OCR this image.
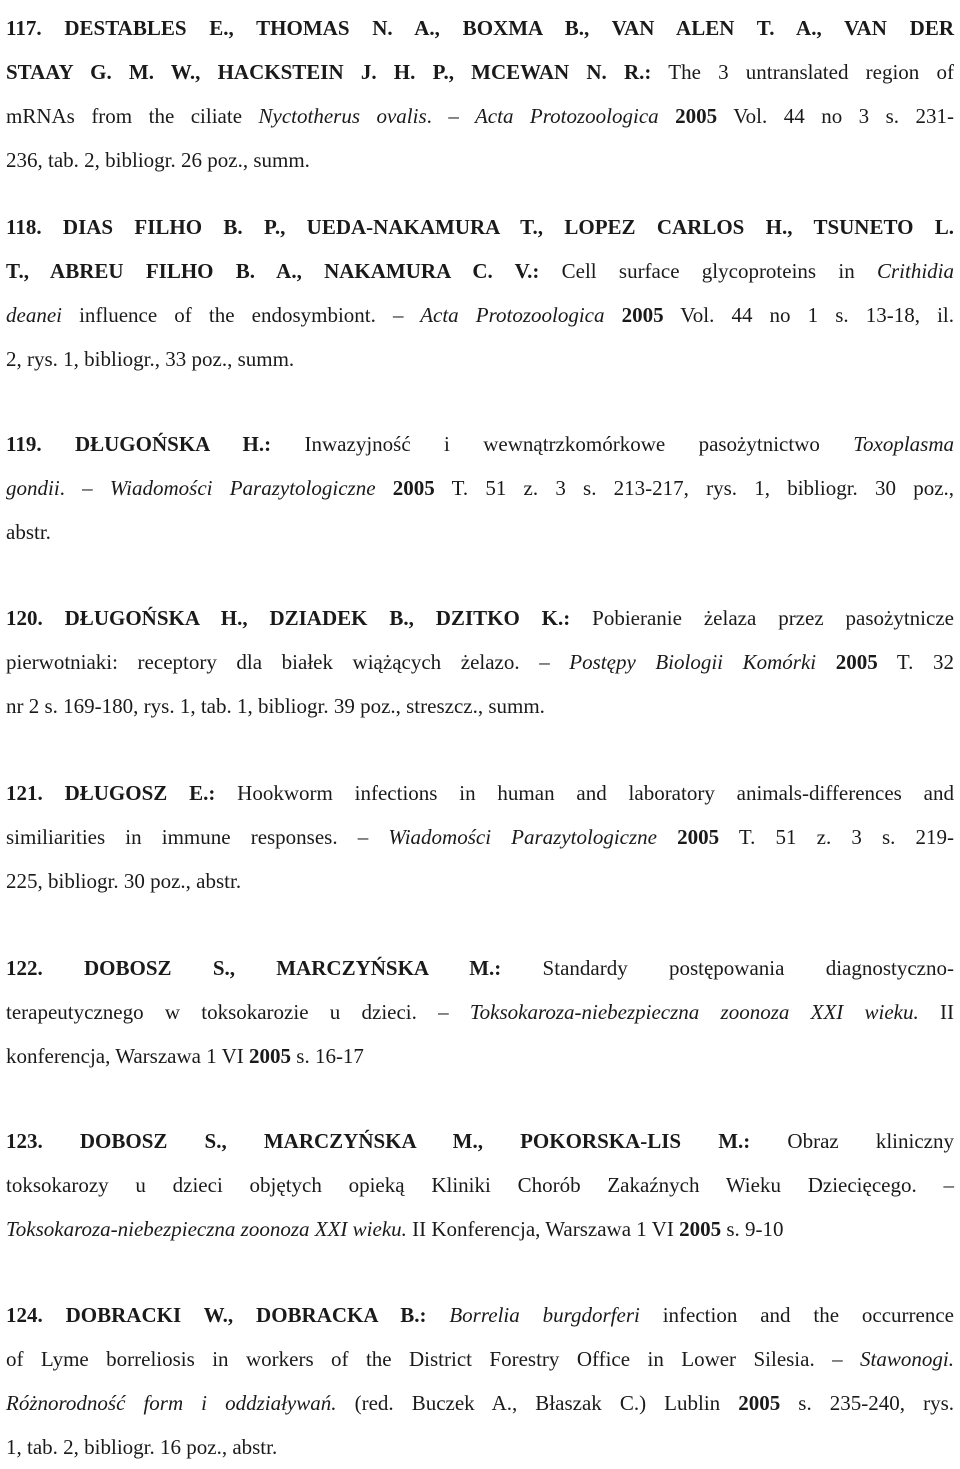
117. DESTABLES E., THOMAS N. A., BOXMA B., VAN ALEN T. A., VAN DER
STAAY G. M. W., HACKSTEIN J. H. P., MCEWAN N. R.: The 3 untranslated region of
mRNAs from the ciliate Nyctotherus ovalis. – Acta Protozoologica 2005 Vol. 44 no 3 s. 231-
236, tab. 2, bibliogr. 26 poz., summ.
118. DIAS FILHO B. P., UEDA-NAKAMURA T., LOPEZ CARLOS H., TSUNETO L.
T., ABREU FILHO B. A., NAKAMURA C. V.: Cell surface glycoproteins in Crithidia
deanei influence of the endosymbiont. – Acta Protozoologica 2005 Vol. 44 no 1 s. 13-18, il.
2, rys. 1, bibliogr., 33 poz., summ.
119. DŁUGOŃSKA H.: Inwazyjność i wewnątrzkomórkowe pasożytnictwo Toxoplasma
gondii. – Wiadomości Parazytologiczne 2005 T. 51 z. 3 s. 213-217, rys. 1, bibliogr. 30 poz.,
abstr.
120. DŁUGOŃSKA H., DZIADEK B., DZITKO K.: Pobieranie żelaza przez pasożytnicze
pierwotniaki: receptory dla białek wiążących żelazo. – Postępy Biologii Komórki 2005 T. 32
nr 2 s. 169-180, rys. 1, tab. 1, bibliogr. 39 poz., streszcz., summ.
121. DŁUGOSZ E.: Hookworm infections in human and laboratory animals-differences and
similiarities in immune responses. – Wiadomości Parazytologiczne 2005 T. 51 z. 3 s. 219-
225, bibliogr. 30 poz., abstr.
122. DOBOSZ S., MARCZYŃSKA M.: Standardy postępowania diagnostyczno-
terapeutycznego w toksokarozie u dzieci. – Toksokaroza-niebezpieczna zoonoza XXI wieku. II
konferencja, Warszawa 1 VI 2005 s. 16-17
123. DOBOSZ S., MARCZYŃSKA M., POKORSKA-LIS M.: Obraz kliniczny
toksokarozy u dzieci objętych opieką Kliniki Chorób Zakaźnych Wieku Dziecięcego. –
Toksokaroza-niebezpieczna zoonoza XXI wieku. II Konferencja, Warszawa 1 VI 2005 s. 9-10
124. DOBRACKI W., DOBRACKA B.: Borrelia burgdorferi infection and the occurrence
of Lyme borreliosis in workers of the District Forestry Office in Lower Silesia. – Stawonogi.
Różnorodność form i oddziaływań. (red. Buczek A., Błaszak C.) Lublin 2005 s. 235-240, rys.
1, tab. 2, bibliogr. 16 poz., abstr.
